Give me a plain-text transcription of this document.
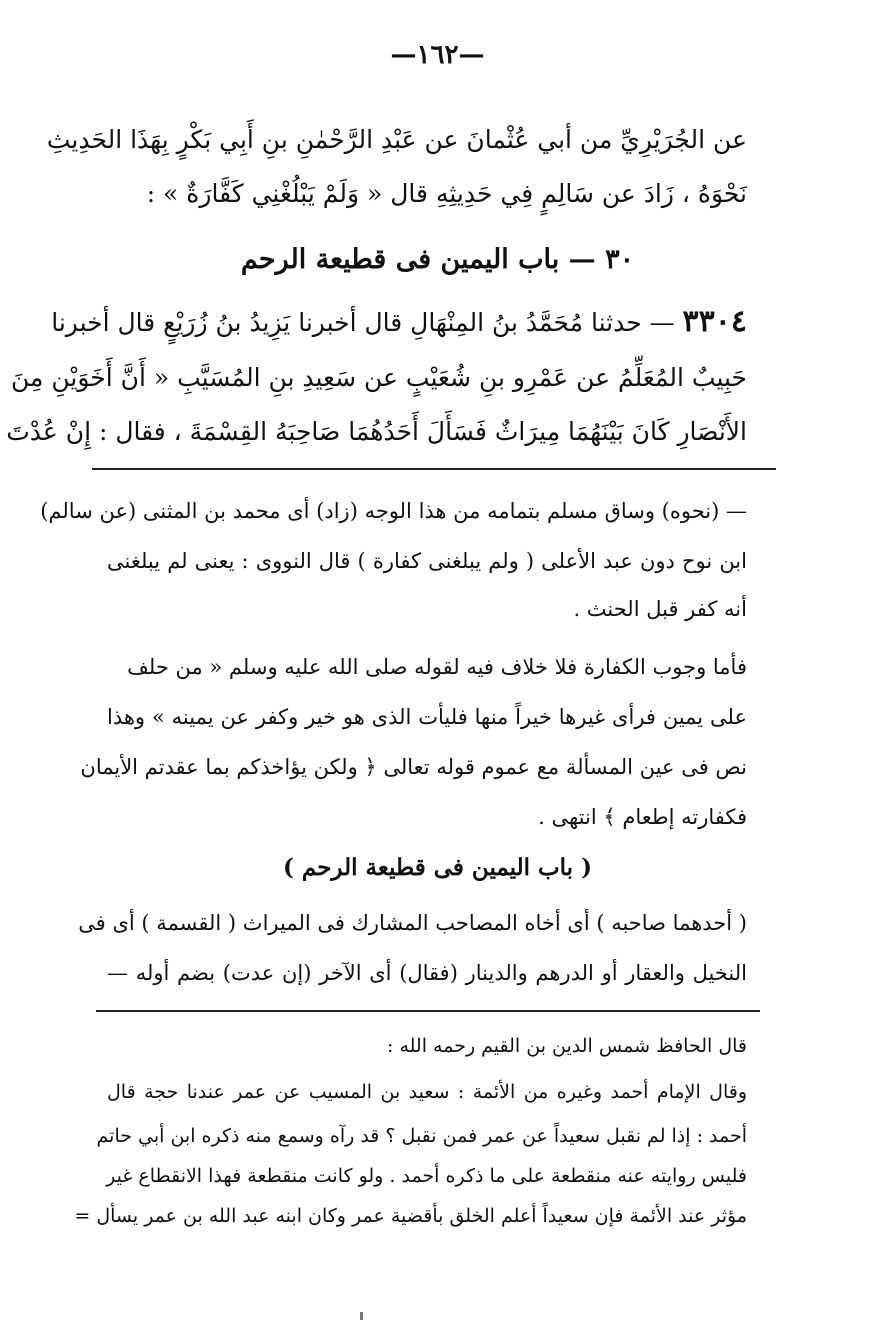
—١٦٢—
عن الجُرَيْرِيِّ من أبي عُثْمانَ عن عَبْدِ الرَّحْمٰنِ بنِ أَبِي بَكْرٍ بِهَذَا الحَدِيثِ
نَحْوَهُ ، زَادَ عن سَالِمٍ فِي حَدِيثِهِ قال « وَلَمْ يَبْلُغْنِي كَفَّارَةٌ » :
٣٠ — باب اليمين فى قطيعة الرحم
٣٣٠٤ — حدثنا مُحَمَّدُ بنُ المِنْهَالِ قال أخبرنا يَزِيدُ بنُ زُرَيْعٍ قال أخبرنا
حَبِيبٌ المُعَلِّمُ عن عَمْرِو بنِ شُعَيْبٍ عن سَعِيدِ بنِ المُسَيَّبِ « أَنَّ أَخَوَيْنِ مِنَ
الأَنْصَارِ كَانَ بَيْنَهُمَا مِيرَاثٌ فَسَأَلَ أَحَدُهُمَا صَاحِبَهُ القِسْمَةَ ، فقال : إِنْ عُدْتَ
— (نحوه) وساق مسلم بتمامه من هذا الوجه (زاد) أى محمد بن المثنى (عن سالم)
ابن نوح دون عبد الأعلى ( ولم يبلغنى كفارة ) قال النووى : يعنى لم يبلغنى
أنه كفر قبل الحنث .
فأما وجوب الكفارة فلا خلاف فيه لقوله صلى الله عليه وسلم « من حلف
على يمين فرأى غيرها خيراً منها فليأت الذى هو خير وكفر عن يمينه » وهذا
نص فى عين المسألة مع عموم قوله تعالى ﴿ ولكن يؤاخذكم بما عقدتم الأيمان
فكفارته إطعام ﴾ انتهى .
( باب اليمين فى قطيعة الرحم )
( أحدهما صاحبه ) أى أخاه المصاحب المشارك فى الميراث ( القسمة ) أى فى
النخيل والعقار أو الدرهم والدينار (فقال) أى الآخر (إن عدت) بضم أوله —
قال الحافظ شمس الدين بن القيم رحمه الله :
وقال الإمام أحمد وغيره من الأئمة : سعيد بن المسيب عن عمر عندنا حجة قال
أحمد : إذا لم نقبل سعيداً عن عمر فمن نقبل ؟ قد رآه وسمع منه ذكره ابن أبي حاتم
فليس روايته عنه منقطعة على ما ذكره أحمد . ولو كانت منقطعة فهذا الانقطاع غير
مؤثر عند الأئمة فإن سعيداً أعلم الخلق بأقضية عمر وكان ابنه عبد الله بن عمر يسأل =
